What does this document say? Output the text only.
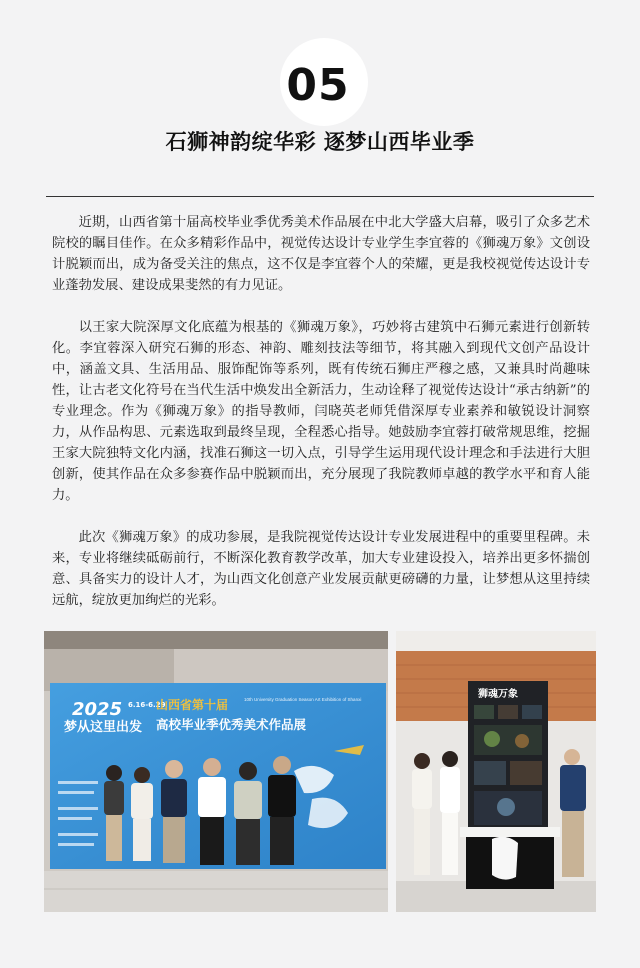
05
石狮神韵绽华彩 逐梦山西毕业季

近期，山西省第十届高校毕业季优秀美术作品展在中北大学盛大启幕，吸引了众多艺术院校的瞩目佳作。在众多精彩作品中，视觉传达设计专业学生李宜蓉的《狮魂万象》文创设计脱颖而出，成为备受关注的焦点，这不仅是李宜蓉个人的荣耀，更是我校视觉传达设计专业蓬勃发展、建设成果斐然的有力见证。

以王家大院深厚文化底蕴为根基的《狮魂万象》，巧妙将古建筑中石狮元素进行创新转化。李宜蓉深入研究石狮的形态、神韵、雕刻技法等细节，将其融入到现代文创产品设计中，涵盖文具、生活用品、服饰配饰等系列，既有传统石狮庄严穆之感，又兼具时尚趣味性，让古老文化符号在当代生活中焕发出全新活力，生动诠释了视觉传达设计“承古纳新”的专业理念。作为《狮魂万象》的指导教师，闫晓英老师凭借深厚专业素养和敏锐设计洞察力，从作品构思、元素选取到最终呈现，全程悉心指导。她鼓励李宜蓉打破常规思维，挖掘王家大院独特文化内涵，找准石狮这一切入点，引导学生运用现代设计理念和手法进行大胆创新，使其作品在众多参赛作品中脱颖而出，充分展现了我院教师卓越的教学水平和育人能力。

此次《狮魂万象》的成功参展，是我院视觉传达设计专业发展进程中的重要里程碑。未来，专业将继续砥砺前行，不断深化教育教学改革，加大专业建设投入，培养出更多怀揣创意、具备实力的设计人才，为山西文化创意产业发展贡献更磅礴的力量，让梦想从这里持续远航，绽放更加绚烂的光彩。

2025 6.16-6.29
梦从这里出发
山西省第十届
高校毕业季优秀美术作品展
10th University Graduation Season Art Exhibition of Shanxi	狮魂万象
